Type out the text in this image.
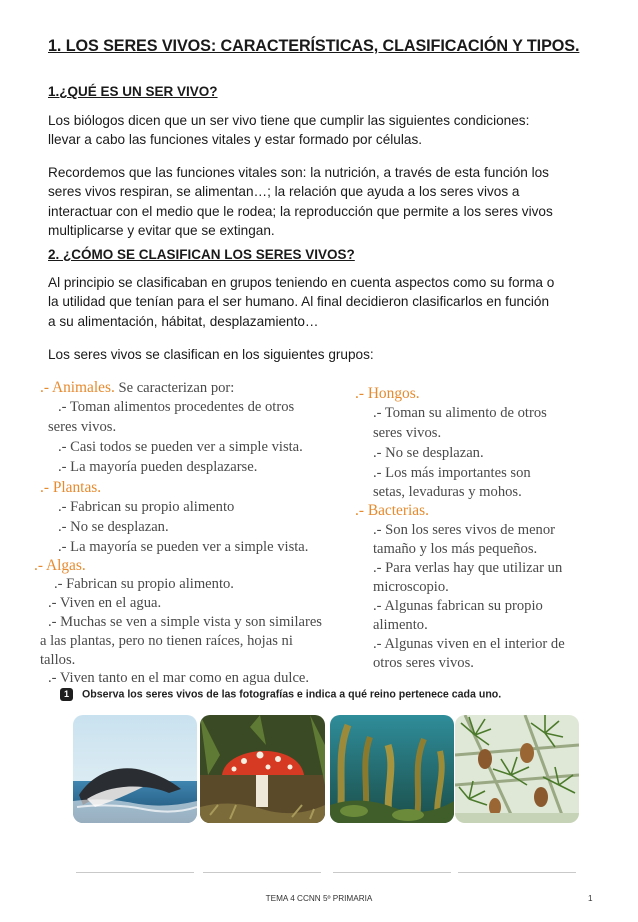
1. LOS SERES VIVOS: CARACTERÍSTICAS, CLASIFICACIÓN Y TIPOS.
1.¿QUÉ ES UN SER VIVO?
Los biólogos dicen que un ser vivo tiene que cumplir las siguientes condiciones:
llevar a cabo las funciones vitales y estar formado por células.
Recordemos que las funciones vitales son: la nutrición, a través de esta función los
seres vivos respiran, se alimentan…; la relación que ayuda a los seres vivos a
interactuar con el medio que le rodea; la reproducción que permite a los seres vivos
multiplicarse y evitar que se extingan.
2. ¿CÓMO SE CLASIFICAN LOS SERES VIVOS?
Al principio se clasificaban en grupos teniendo en cuenta aspectos como su forma o
la utilidad que tenían para el ser humano. Al final decidieron clasificarlos en función
a su alimentación, hábitat, desplazamiento…
Los seres vivos se clasifican en los siguientes grupos:
.- Animales. Se caracterizan por:
.- Toman alimentos procedentes de otros
seres vivos.
.- Casi todos se pueden ver a simple vista.
.- La mayoría pueden desplazarse.
.- Plantas.
.- Fabrican su propio alimento
.- No se desplazan.
.- La mayoría se pueden ver a simple vista.
.- Algas.
.- Fabrican su propio alimento.
.- Viven en el agua.
.- Muchas se ven a simple vista y son similares
a las plantas, pero no tienen raíces, hojas ni
tallos.
.- Viven tanto en el mar como en agua dulce.
.- Hongos.
.- Toman su alimento de otros
seres vivos.
.- No se desplazan.
.- Los más importantes son
setas, levaduras y mohos.
.- Bacterias.
.- Son los seres vivos de menor
tamaño y los más pequeños.
.- Para verlas hay que utilizar un
microscopio.
.- Algunas fabrican su propio
alimento.
.- Algunas viven en el interior de
otros seres vivos.
1 Observa los seres vivos de las fotografías e indica a qué reino pertenece cada uno.
TEMA 4 CCNN 5º PRIMARIA	1
